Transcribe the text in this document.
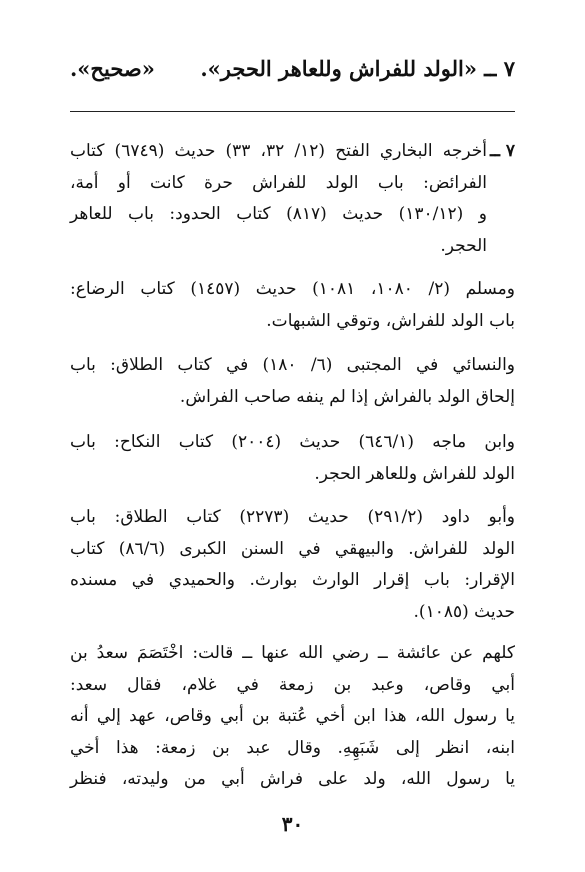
٧ ــ
«الولد للفراش وللعاهر الحجر».
«صحيح».
٧ ــ
أخرجه البخاري الفتح (١٢/ ٣٢، ٣٣) حديث (٦٧٤٩) كتاب
الفرائض: باب الولد للفراش حرة كانت أو أمة،
و (١٣٠/١٢) حديث (٨١٧) كتاب الحدود: باب للعاهر
الحجر.
ومسلم (٢/ ١٠٨٠، ١٠٨١) حديث (١٤٥٧) كتاب الرضاع:
باب الولد للفراش، وتوقي الشبهات.
والنسائي في المجتبى (٦/ ١٨٠) في كتاب الطلاق: باب
إلحاق الولد بالفراش إذا لم ينفه صاحب الفراش.
وابن ماجه (٦٤٦/١) حديث (٢٠٠٤) كتاب النكاح: باب
الولد للفراش وللعاهر الحجر.
وأبو داود (٢٩١/٢) حديث (٢٢٧٣) كتاب الطلاق: باب
الولد للفراش. والبيهقي في السنن الكبرى (٨٦/٦) كتاب
الإقرار: باب إقرار الوارث بوارث. والحميدي في مسنده
حديث (١٠٨٥).
كلهم عن عائشة ــ رضي الله عنها ــ قالت: اخْتَصَمَ سعدُ بن
أبي وقاص، وعبد بن زمعة في غلام، فقال سعد:
يا رسول الله، هذا ابن أخي عُتبة بن أبي وقاص، عهد إلي أنه
ابنه، انظر إلى شَبَهِهِ. وقال عبد بن زمعة: هذا أخي
يا رسول الله، ولد على فراش أبي من وليدته، فنظر
٣٠
